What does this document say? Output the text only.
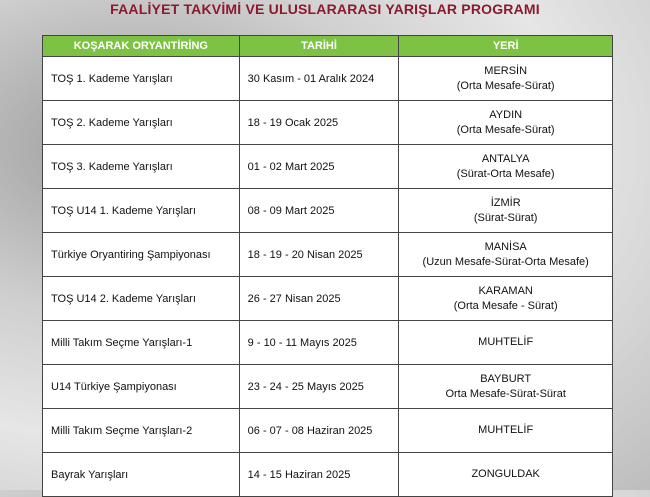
FAALİYET TAKVİMİ VE ULUSLARARASI YARIŞLAR PROGRAMI
KOŞARAK ORYANTİRİNG	TARİHİ	YERİ
TOŞ 1. Kademe Yarışları	30 Kasım - 01 Aralık 2024	MERSİN
(Orta Mesafe-Sürat)

TOŞ 2. Kademe Yarışları	18 - 19 Ocak 2025	AYDIN
(Orta Mesafe-Sürat)

TOŞ 3. Kademe Yarışları	01 - 02 Mart 2025	ANTALYA
(Sürat-Orta Mesafe)

TOŞ U14 1. Kademe Yarışları	08 - 09 Mart 2025	İZMİR
(Sürat-Sürat)

Türkiye Oryantiring Şampiyonası	18 - 19 - 20 Nisan 2025	MANİSA
(Uzun Mesafe-Sürat-Orta Mesafe)

TOŞ U14 2. Kademe Yarışları	26 - 27 Nisan 2025	KARAMAN
(Orta Mesafe - Sürat)

Milli Takım Seçme Yarışları-1	9 - 10 - 11 Mayıs 2025	MUHTELİF

U14 Türkiye Şampiyonası	23 - 24 - 25 Mayıs 2025	BAYBURT
Orta Mesafe-Sürat-Sürat

Milli Takım Seçme Yarışları-2	06 - 07 - 08 Haziran 2025	MUHTELİF

Bayrak Yarışları	14 - 15 Haziran 2025	ZONGULDAK
